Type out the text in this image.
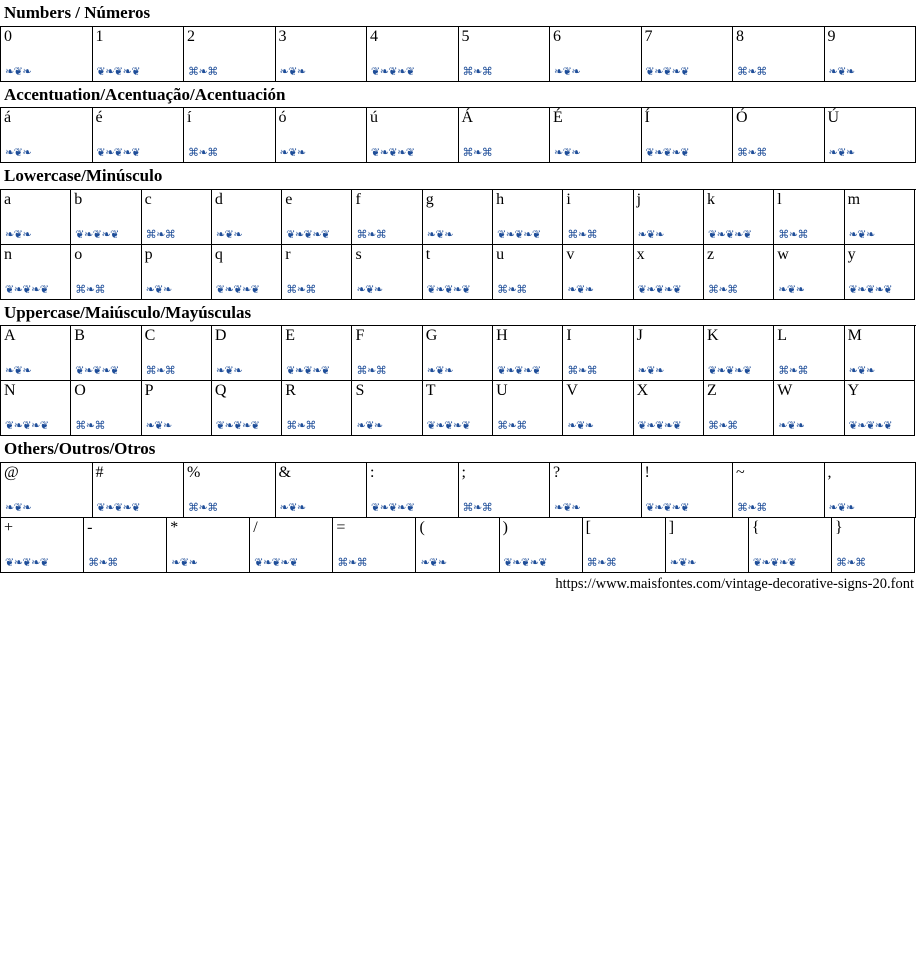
Numbers / Números
0
❧❦❧
1
❦❧❦❧❦
2
⌘❧⌘
3
❧❦❧
4
❦❧❦❧❦
5
⌘❧⌘
6
❧❦❧
7
❦❧❦❧❦
8
⌘❧⌘
9
❧❦❧
Accentuation/Acentuação/Acentuación
á
❧❦❧
é
❦❧❦❧❦
í
⌘❧⌘
ó
❧❦❧
ú
❦❧❦❧❦
Á
⌘❧⌘
É
❧❦❧
Í
❦❧❦❧❦
Ó
⌘❧⌘
Ú
❧❦❧
Lowercase/Minúsculo
a
❧❦❧
b
❦❧❦❧❦
c
⌘❧⌘
d
❧❦❧
e
❦❧❦❧❦
f
⌘❧⌘
g
❧❦❧
h
❦❧❦❧❦
i
⌘❧⌘
j
❧❦❧
k
❦❧❦❧❦
l
⌘❧⌘
m
❧❦❧
n
❦❧❦❧❦
o
⌘❧⌘
p
❧❦❧
q
❦❧❦❧❦
r
⌘❧⌘
s
❧❦❧
t
❦❧❦❧❦
u
⌘❧⌘
v
❧❦❧
x
❦❧❦❧❦
z
⌘❧⌘
w
❧❦❧
y
❦❧❦❧❦
Uppercase/Maiúsculo/Mayúsculas
A
❧❦❧
B
❦❧❦❧❦
C
⌘❧⌘
D
❧❦❧
E
❦❧❦❧❦
F
⌘❧⌘
G
❧❦❧
H
❦❧❦❧❦
I
⌘❧⌘
J
❧❦❧
K
❦❧❦❧❦
L
⌘❧⌘
M
❧❦❧
N
❦❧❦❧❦
O
⌘❧⌘
P
❧❦❧
Q
❦❧❦❧❦
R
⌘❧⌘
S
❧❦❧
T
❦❧❦❧❦
U
⌘❧⌘
V
❧❦❧
X
❦❧❦❧❦
Z
⌘❧⌘
W
❧❦❧
Y
❦❧❦❧❦
Others/Outros/Otros
@
❧❦❧
#
❦❧❦❧❦
%
⌘❧⌘
&
❧❦❧
:
❦❧❦❧❦
;
⌘❧⌘
?
❧❦❧
!
❦❧❦❧❦
~
⌘❧⌘
,
❧❦❧
+
❦❧❦❧❦
-
⌘❧⌘
*
❧❦❧
/
❦❧❦❧❦
=
⌘❧⌘
(
❧❦❧
)
❦❧❦❧❦
[
⌘❧⌘
]
❧❦❧
{
❦❧❦❧❦
}
⌘❧⌘
https://www.maisfontes.com/vintage-decorative-signs-20.font
